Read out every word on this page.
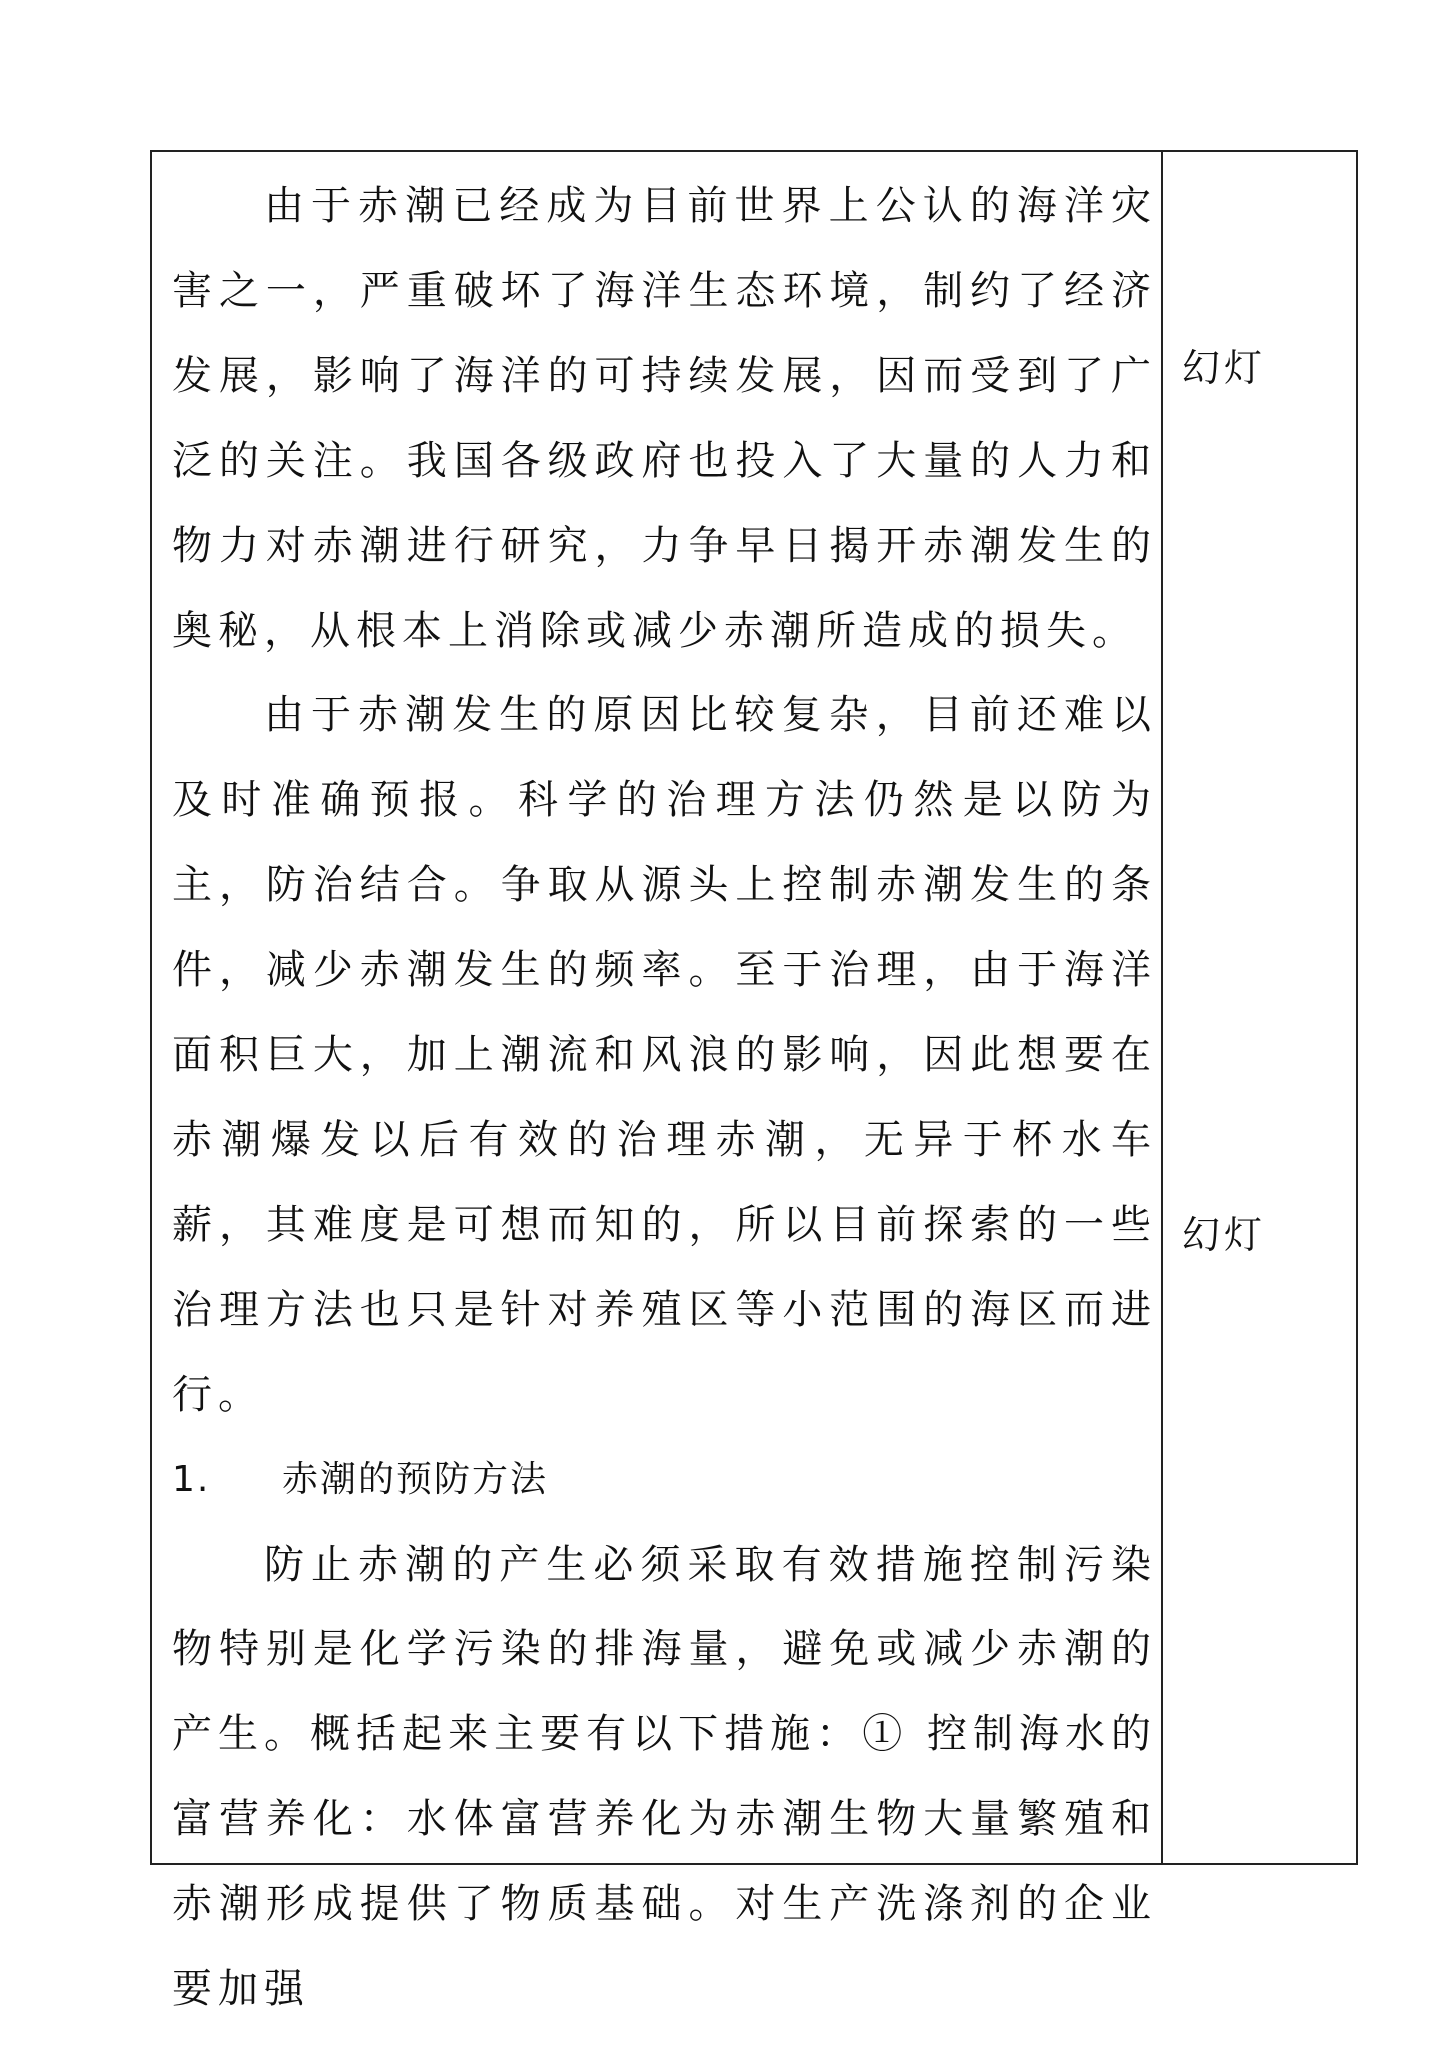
由于赤潮已经成为目前世界上公认的海洋灾害之一，严重破坏了海洋生态环境，制约了经济发展，影响了海洋的可持续发展，因而受到了广泛的关注。我国各级政府也投入了大量的人力和物力对赤潮进行研究，力争早日揭开赤潮发生的奥秘，从根本上消除或减少赤潮所造成的损失。

由于赤潮发生的原因比较复杂，目前还难以及时准确预报。科学的治理方法仍然是以防为主，防治结合。争取从源头上控制赤潮发生的条件，减少赤潮发生的频率。至于治理，由于海洋面积巨大，加上潮流和风浪的影响，因此想要在赤潮爆发以后有效的治理赤潮，无异于杯水车薪，其难度是可想而知的，所以目前探索的一些治理方法也只是针对养殖区等小范围的海区而进行。

1.	赤潮的预防方法

防止赤潮的产生必须采取有效措施控制污染物特别是化学污染的排海量，避免或减少赤潮的产生。概括起来主要有以下措施：① 控制海水的富营养化：水体富营养化为赤潮生物大量繁殖和赤潮形成提供了物质基础。对生产洗涤剂的企业要加强

幻灯
幻灯
